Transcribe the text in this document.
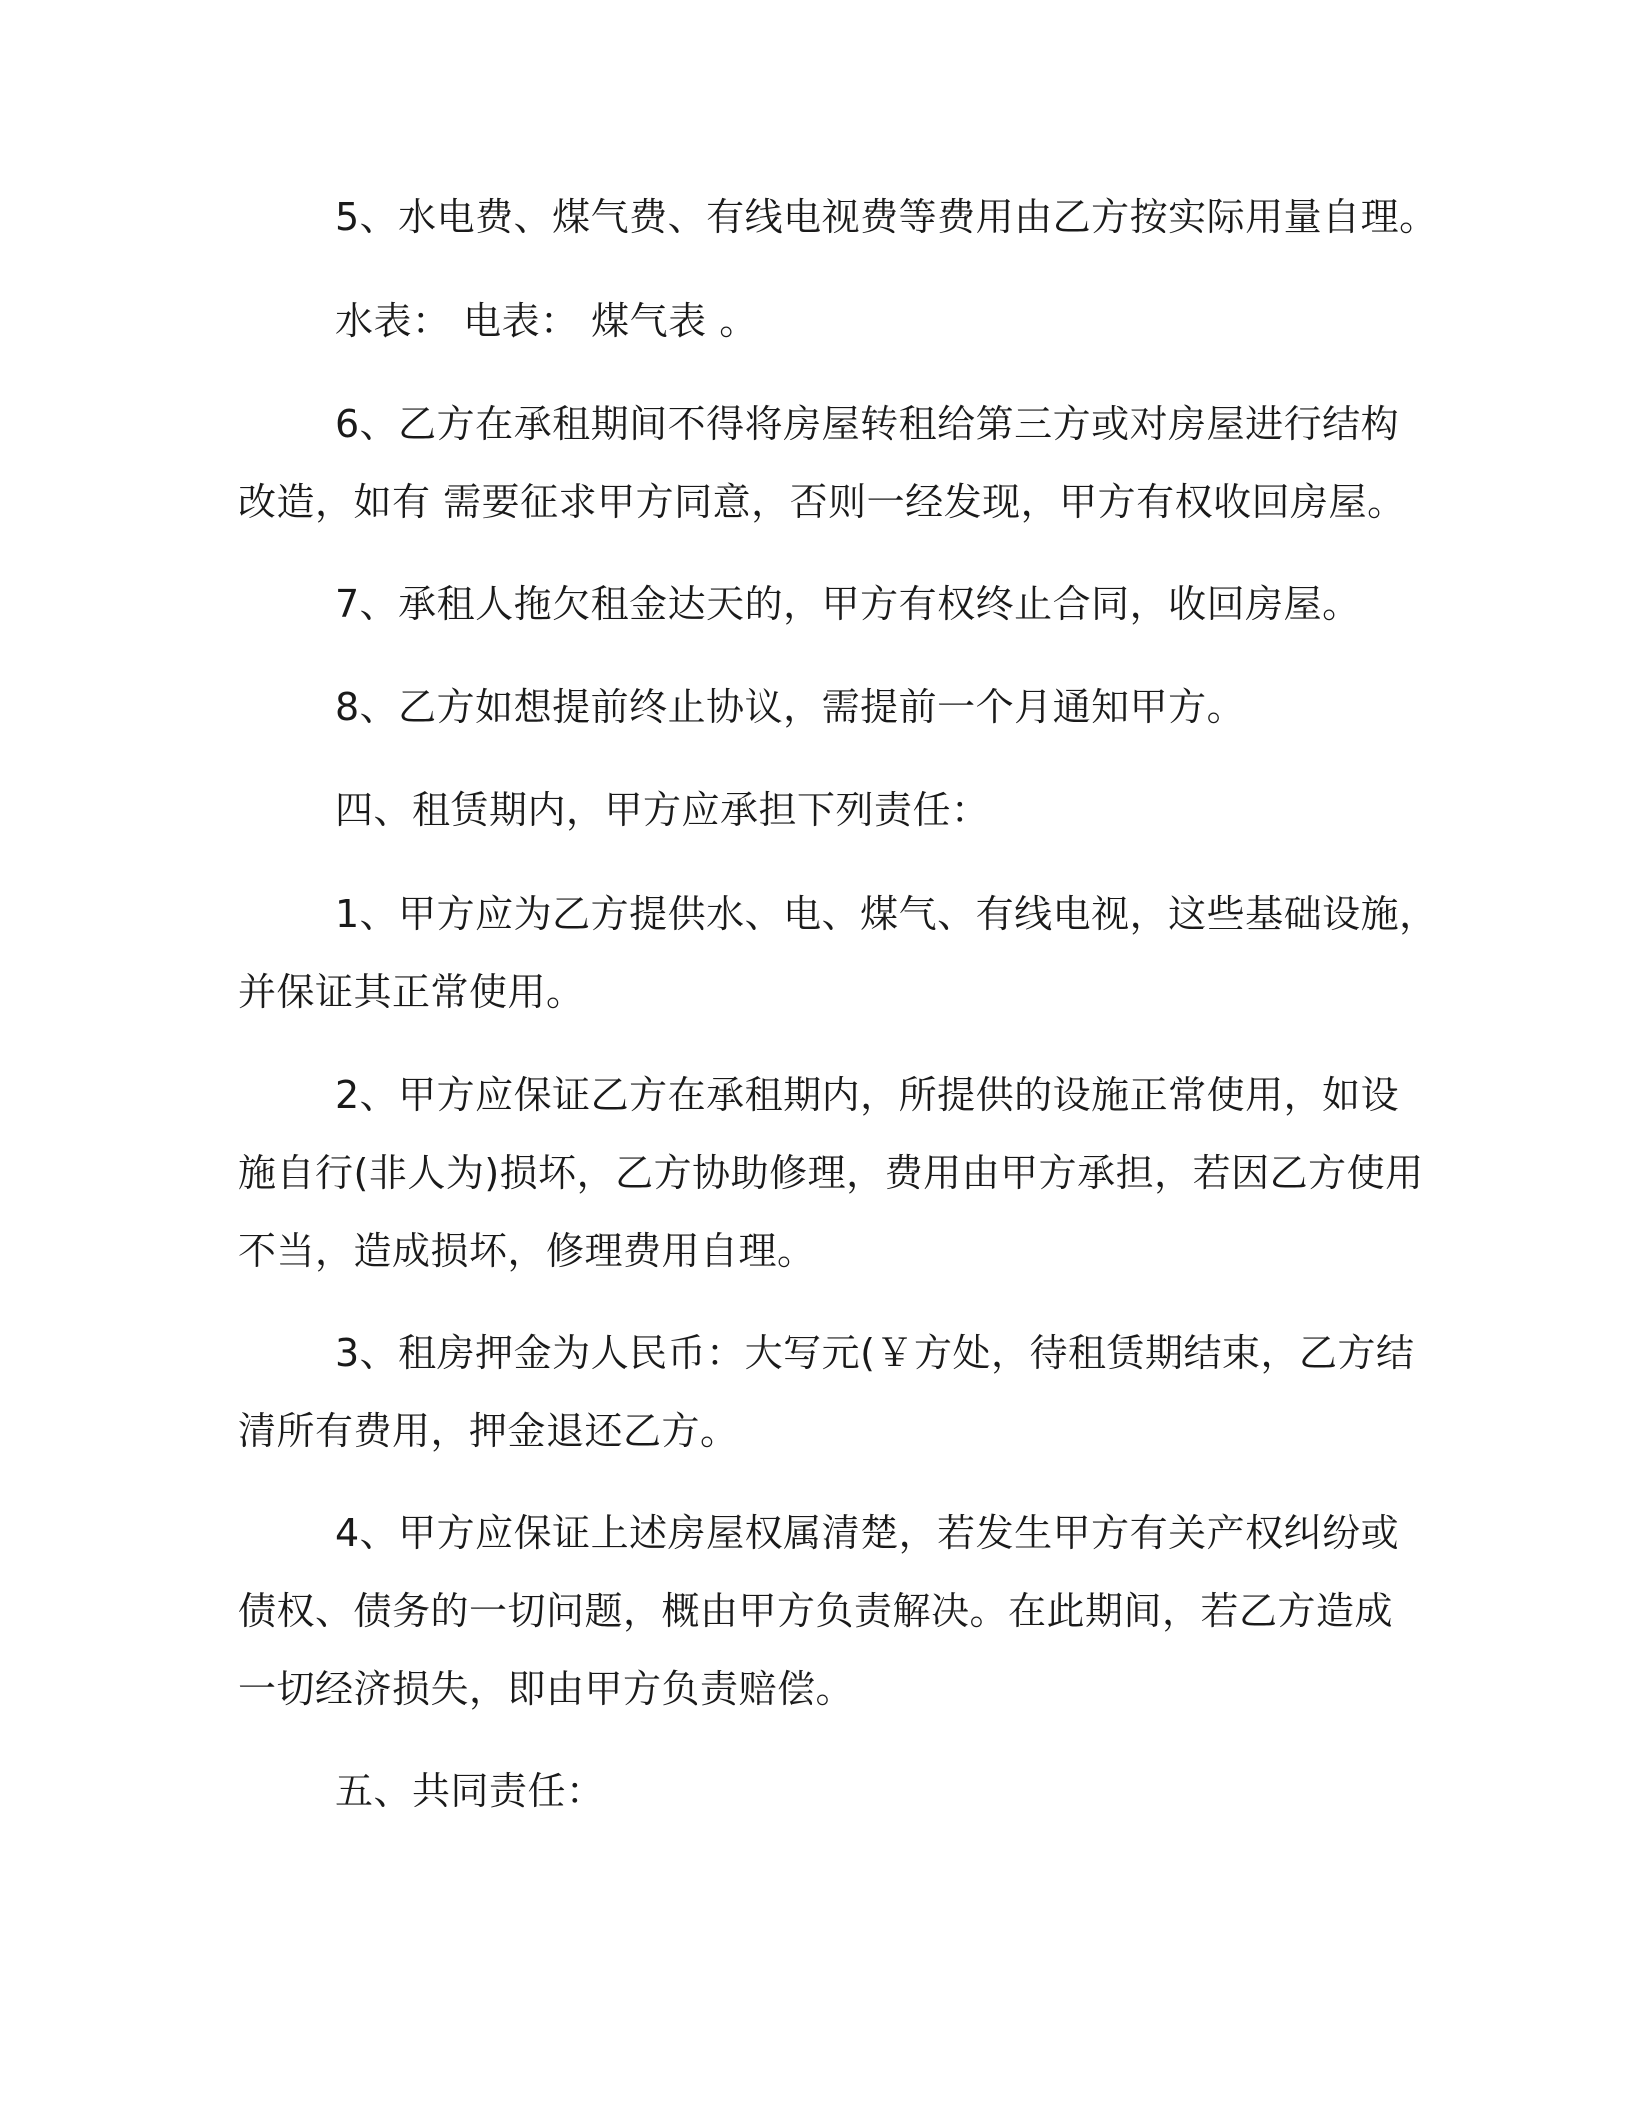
5、水电费、煤气费、有线电视费等费用由乙方按实际用量自理。

水表： 电表： 煤气表 。

6、乙方在承租期间不得将房屋转租给第三方或对房屋进行结构
改造，如有 需要征求甲方同意，否则一经发现，甲方有权收回房屋。

7、承租人拖欠租金达天的，甲方有权终止合同，收回房屋。

8、乙方如想提前终止协议，需提前一个月通知甲方。

四、租赁期内，甲方应承担下列责任：

1、甲方应为乙方提供水、电、煤气、有线电视，这些基础设施，
并保证其正常使用。

2、甲方应保证乙方在承租期内，所提供的设施正常使用，如设
施自行(非人为)损坏，乙方协助修理，费用由甲方承担，若因乙方使用
不当，造成损坏，修理费用自理。

3、租房押金为人民币：大写元(￥方处，待租赁期结束，乙方结
清所有费用，押金退还乙方。

4、甲方应保证上述房屋权属清楚，若发生甲方有关产权纠纷或
债权、债务的一切问题，概由甲方负责解决。在此期间，若乙方造成
一切经济损失，即由甲方负责赔偿。

五、共同责任：
